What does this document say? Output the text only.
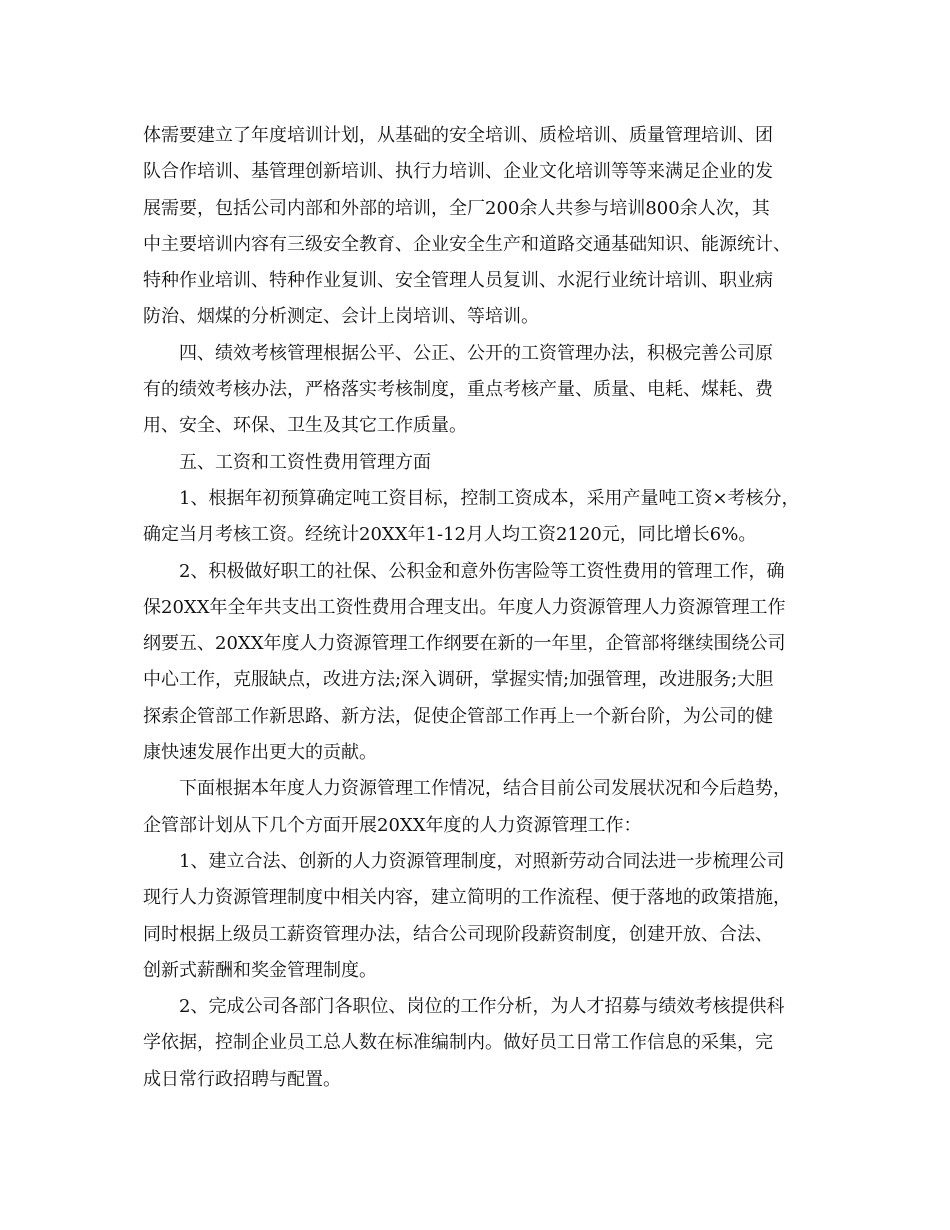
体需要建立了年度培训计划，从基础的安全培训、质检培训、质量管理培训、团
队合作培训、基管理创新培训、执行力培训、企业文化培训等等来满足企业的发
展需要，包括公司内部和外部的培训，全厂200余人共参与培训800余人次，其
中主要培训内容有三级安全教育、企业安全生产和道路交通基础知识、能源统计、
特种作业培训、特种作业复训、安全管理人员复训、水泥行业统计培训、职业病
防治、烟煤的分析测定、会计上岗培训、等培训。

四、绩效考核管理根据公平、公正、公开的工资管理办法，积极完善公司原
有的绩效考核办法，严格落实考核制度，重点考核产量、质量、电耗、煤耗、费
用、安全、环保、卫生及其它工作质量。

五、工资和工资性费用管理方面

1、根据年初预算确定吨工资目标，控制工资成本，采用产量吨工资×考核分，
确定当月考核工资。经统计20XX年1-12月人均工资2120元，同比增长6%。

2、积极做好职工的社保、公积金和意外伤害险等工资性费用的管理工作，确
保20XX年全年共支出工资性费用合理支出。年度人力资源管理人力资源管理工作
纲要五、20XX年度人力资源管理工作纲要在新的一年里，企管部将继续围绕公司
中心工作，克服缺点，改进方法;深入调研，掌握实情;加强管理，改进服务;大胆
探索企管部工作新思路、新方法，促使企管部工作再上一个新台阶，为公司的健
康快速发展作出更大的贡献。

下面根据本年度人力资源管理工作情况，结合目前公司发展状况和今后趋势，
企管部计划从下几个方面开展20XX年度的人力资源管理工作：

1、建立合法、创新的人力资源管理制度，对照新劳动合同法进一步梳理公司
现行人力资源管理制度中相关内容，建立简明的工作流程、便于落地的政策措施，
同时根据上级员工薪资管理办法，结合公司现阶段薪资制度，创建开放、合法、
创新式薪酬和奖金管理制度。

2、完成公司各部门各职位、岗位的工作分析，为人才招募与绩效考核提供科
学依据，控制企业员工总人数在标准编制内。做好员工日常工作信息的采集，完
成日常行政招聘与配置。
